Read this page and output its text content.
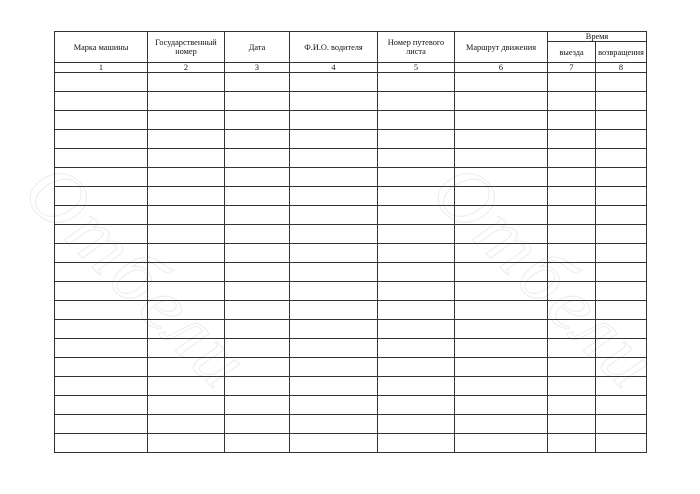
Отбели Отбели
Марка машины	Государственный номер	Дата	Ф.И.О. водителя	Номер путевого листа	Маршрут движения	Время	
						выезда	возвращения
1	2	3	4	5	6	7	8
